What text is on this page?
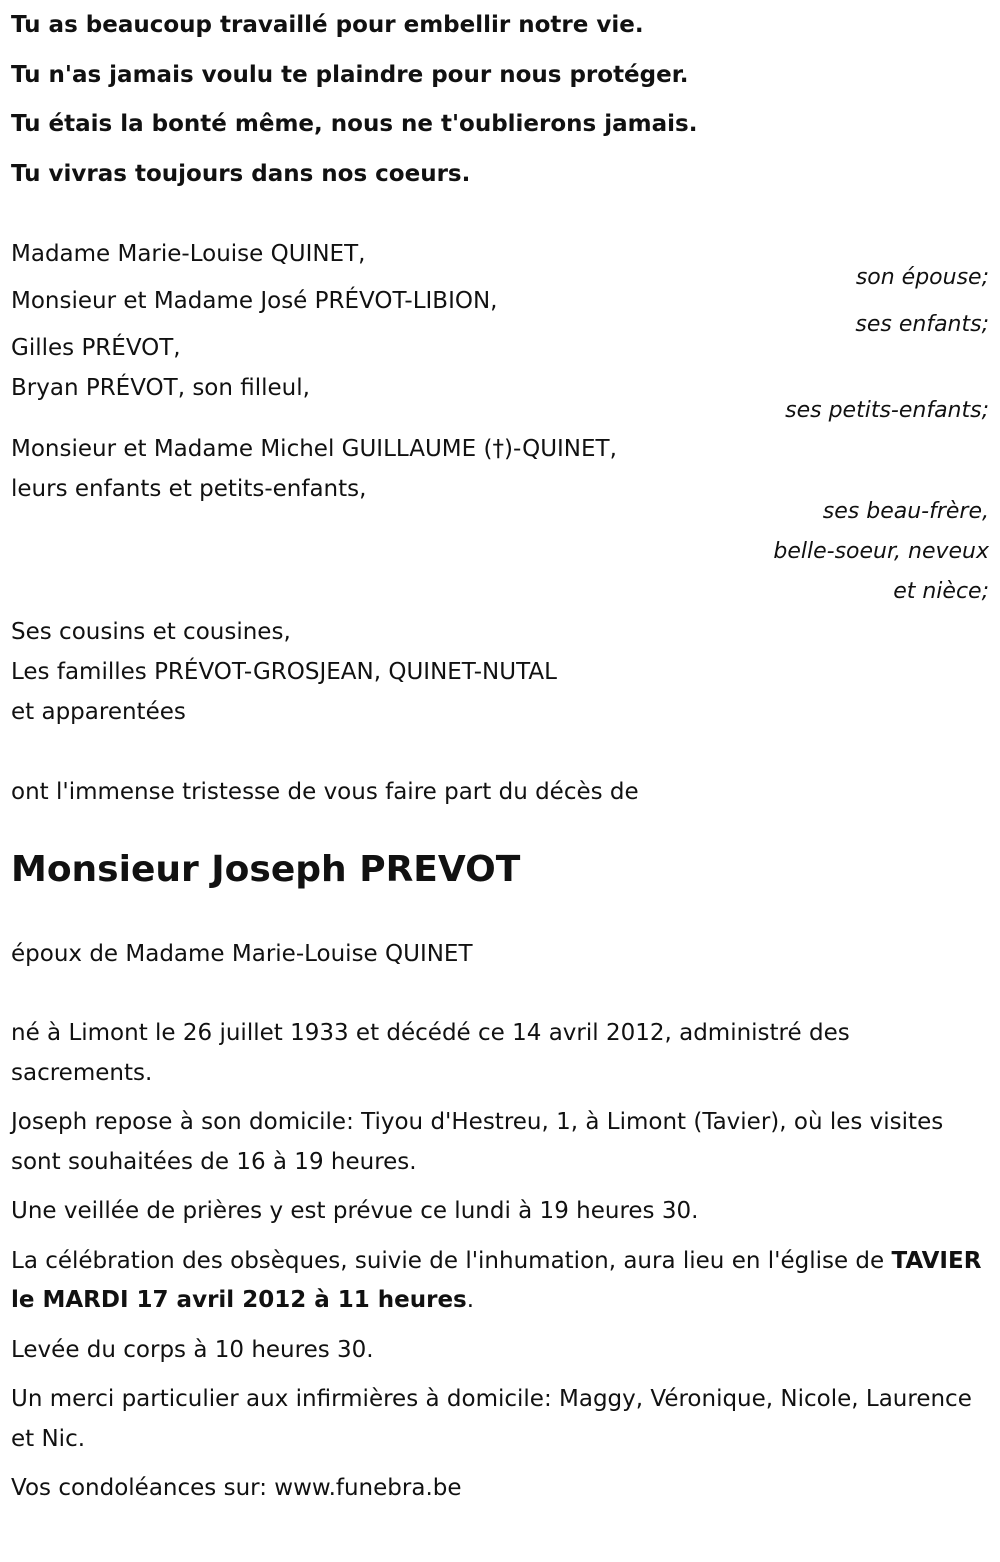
Tu as beaucoup travaillé pour embellir notre vie.

Tu n'as jamais voulu te plaindre pour nous protéger.

Tu étais la bonté même, nous ne t'oublierons jamais.

Tu vivras toujours dans nos coeurs.

Madame Marie-Louise QUINET,
son épouse;
Monsieur et Madame José PRÉVOT-LIBION,
ses enfants;
Gilles PRÉVOT,
Bryan PRÉVOT, son filleul,
ses petits-enfants;
Monsieur et Madame Michel GUILLAUME (†)-QUINET,
leurs enfants et petits-enfants,
ses beau-frère,
belle-soeur, neveux
et nièce;
Ses cousins et cousines,
Les familles PRÉVOT-GROSJEAN, QUINET-NUTAL
et apparentées

ont l'immense tristesse de vous faire part du décès de

Monsieur Joseph PREVOT

époux de Madame Marie-Louise QUINET

né à Limont le 26 juillet 1933 et décédé ce 14 avril 2012, administré des sacrements.

Joseph repose à son domicile: Tiyou d'Hestreu, 1, à Limont (Tavier), où les visites sont souhaitées de 16 à 19 heures.

Une veillée de prières y est prévue ce lundi à 19 heures 30.

La célébration des obsèques, suivie de l'inhumation, aura lieu en l'église de TAVIER le MARDI 17 avril 2012 à 11 heures.

Levée du corps à 10 heures 30.

Un merci particulier aux infirmières à domicile: Maggy, Véronique, Nicole, Laurence et Nic.

Vos condoléances sur: www.funebra.be
